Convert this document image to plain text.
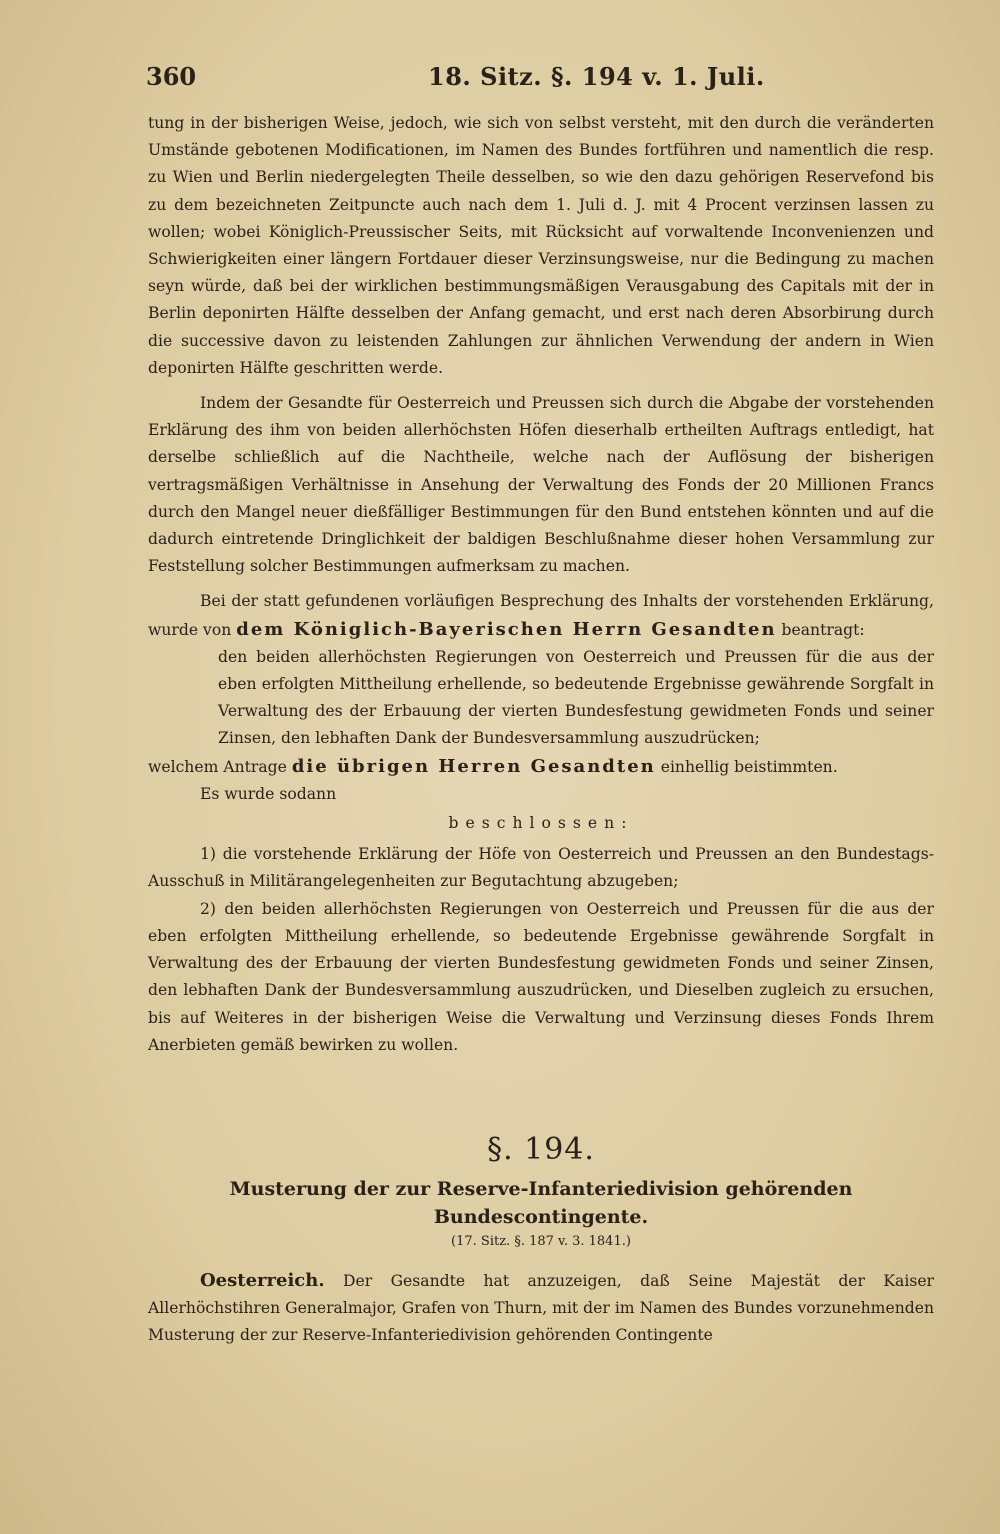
360	18. Sitz. §. 194 v. 1. Juli.

tung in der bisherigen Weise, jedoch, wie sich von selbst versteht, mit den durch die veränderten Umstände gebotenen Modificationen, im Namen des Bundes fortführen und namentlich die resp. zu Wien und Berlin niedergelegten Theile desselben, so wie den dazu gehörigen Reservefond bis zu dem bezeichneten Zeitpuncte auch nach dem 1. Juli d. J. mit 4 Procent verzinsen lassen zu wollen; wobei Königlich-Preussischer Seits, mit Rücksicht auf vorwaltende Inconvenienzen und Schwierigkeiten einer längern Fortdauer dieser Verzinsungsweise, nur die Bedingung zu machen seyn würde, daß bei der wirklichen bestimmungsmäßigen Verausgabung des Capitals mit der in Berlin deponirten Hälfte desselben der Anfang gemacht, und erst nach deren Absorbirung durch die successive davon zu leistenden Zahlungen zur ähnlichen Verwendung der andern in Wien deponirten Hälfte geschritten werde.

Indem der Gesandte für Oesterreich und Preussen sich durch die Abgabe der vorstehenden Erklärung des ihm von beiden allerhöchsten Höfen dieserhalb ertheilten Auftrags entledigt, hat derselbe schließlich auf die Nachtheile, welche nach der Auflösung der bisherigen vertragsmäßigen Verhältnisse in Ansehung der Verwaltung des Fonds der 20 Millionen Francs durch den Mangel neuer dießfälliger Bestimmungen für den Bund entstehen könnten und auf die dadurch eintretende Dringlichkeit der baldigen Beschlußnahme dieser hohen Versammlung zur Feststellung solcher Bestimmungen aufmerksam zu machen.

Bei der statt gefundenen vorläufigen Besprechung des Inhalts der vorstehenden Erklärung, wurde von dem Königlich-Bayerischen Herrn Gesandten beantragt:

den beiden allerhöchsten Regierungen von Oesterreich und Preussen für die aus der eben erfolgten Mittheilung erhellende, so bedeutende Ergebnisse gewährende Sorgfalt in Verwaltung des der Erbauung der vierten Bundesfestung gewidmeten Fonds und seiner Zinsen, den lebhaften Dank der Bundesversammlung auszudrücken;

welchem Antrage die übrigen Herren Gesandten einhellig beistimmten.

Es wurde sodann

beschlossen:

1) die vorstehende Erklärung der Höfe von Oesterreich und Preussen an den Bundestags-Ausschuß in Militärangelegenheiten zur Begutachtung abzugeben;

2) den beiden allerhöchsten Regierungen von Oesterreich und Preussen für die aus der eben erfolgten Mittheilung erhellende, so bedeutende Ergebnisse gewährende Sorgfalt in Verwaltung des der Erbauung der vierten Bundesfestung gewidmeten Fonds und seiner Zinsen, den lebhaften Dank der Bundesversammlung auszudrücken, und Dieselben zugleich zu ersuchen, bis auf Weiteres in der bisherigen Weise die Verwaltung und Verzinsung dieses Fonds Ihrem Anerbieten gemäß bewirken zu wollen.

§. 194.

Musterung der zur Reserve-Infanteriedivision gehörenden Bundescontingente.

(17. Sitz. §. 187 v. 3. 1841.)

Oesterreich. Der Gesandte hat anzuzeigen, daß Seine Majestät der Kaiser Allerhöchstihren Generalmajor, Grafen von Thurn, mit der im Namen des Bundes vorzunehmenden Musterung der zur Reserve-Infanteriedivision gehörenden Contingente
